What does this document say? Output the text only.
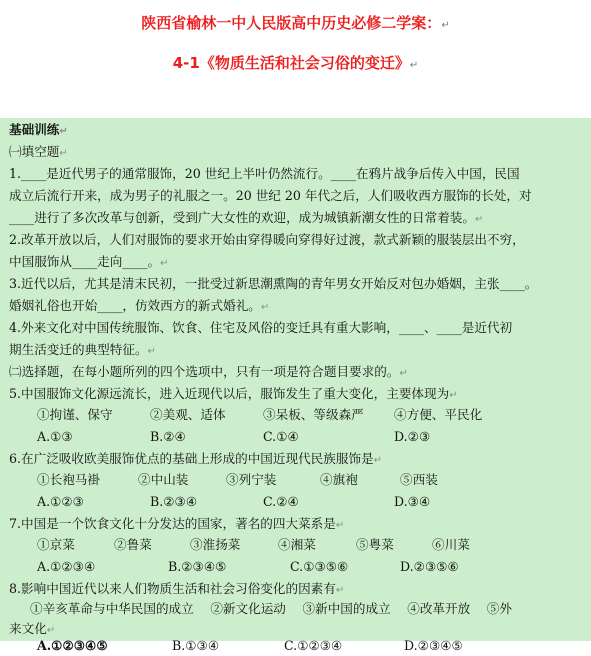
陕西省榆林一中人民版高中历史必修二学案：↵
4-1《物质生活和社会习俗的变迁》↵
基础训练↵
㈠填空题↵
1.____是近代男子的通常服饰，20 世纪上半叶仍然流行。____在鸦片战争后传入中国，民国
成立后流行开来，成为男子的礼服之一。20 世纪 20 年代之后，人们吸收西方服饰的长处，对
____进行了多次改革与创新，受到广大女性的欢迎，成为城镇新潮女性的日常着装。↵
2.改革开放以后，人们对服饰的要求开始由穿得暖向穿得好过渡，款式新颖的服装层出不穷，
中国服饰从____走向____。↵
3.近代以后，尤其是清末民初，一批受过新思潮熏陶的青年男女开始反对包办婚姻，主张____。
婚姻礼俗也开始____，仿效西方的新式婚礼。↵
4.外来文化对中国传统服饰、饮食、住宅及风俗的变迁具有重大影响，____、____是近代初
期生活变迁的典型特征。↵
㈡选择题，在每小题所列的四个选项中，只有一项是符合题目要求的。↵
5.中国服饰文化源远流长，进入近现代以后，服饰发生了重大变化，主要体现为↵
①拘谨、保守	②美观、适体	③呆板、等级森严 ④方便、平民化
A.①③	B.②④	C.①④	D.②③
6.在广泛吸收欧美服饰优点的基础上形成的中国近现代民族服饰是↵
①长袍马褂	②中山装	③列宁装	④旗袍	⑤西装
A.①②③	B.②③④	C.②④	D.③④
7.中国是一个饮食文化十分发达的国家，著名的四大菜系是↵
①京菜	②鲁菜	③淮扬菜	④湘菜	⑤粤菜	⑥川菜
A.①②③④	B.②③④⑤	C.①③⑤⑥	D.②③⑤⑥
8.影响中国近代以来人们物质生活和社会习俗变化的因素有↵
①辛亥革命与中华民国的成立　 ②新文化运动　 ③新中国的成立　 ④改革开放　 ⑤外
来文化↵
A.①②③④⑤	B.①③④	C.①②③④	D.②③④⑤
